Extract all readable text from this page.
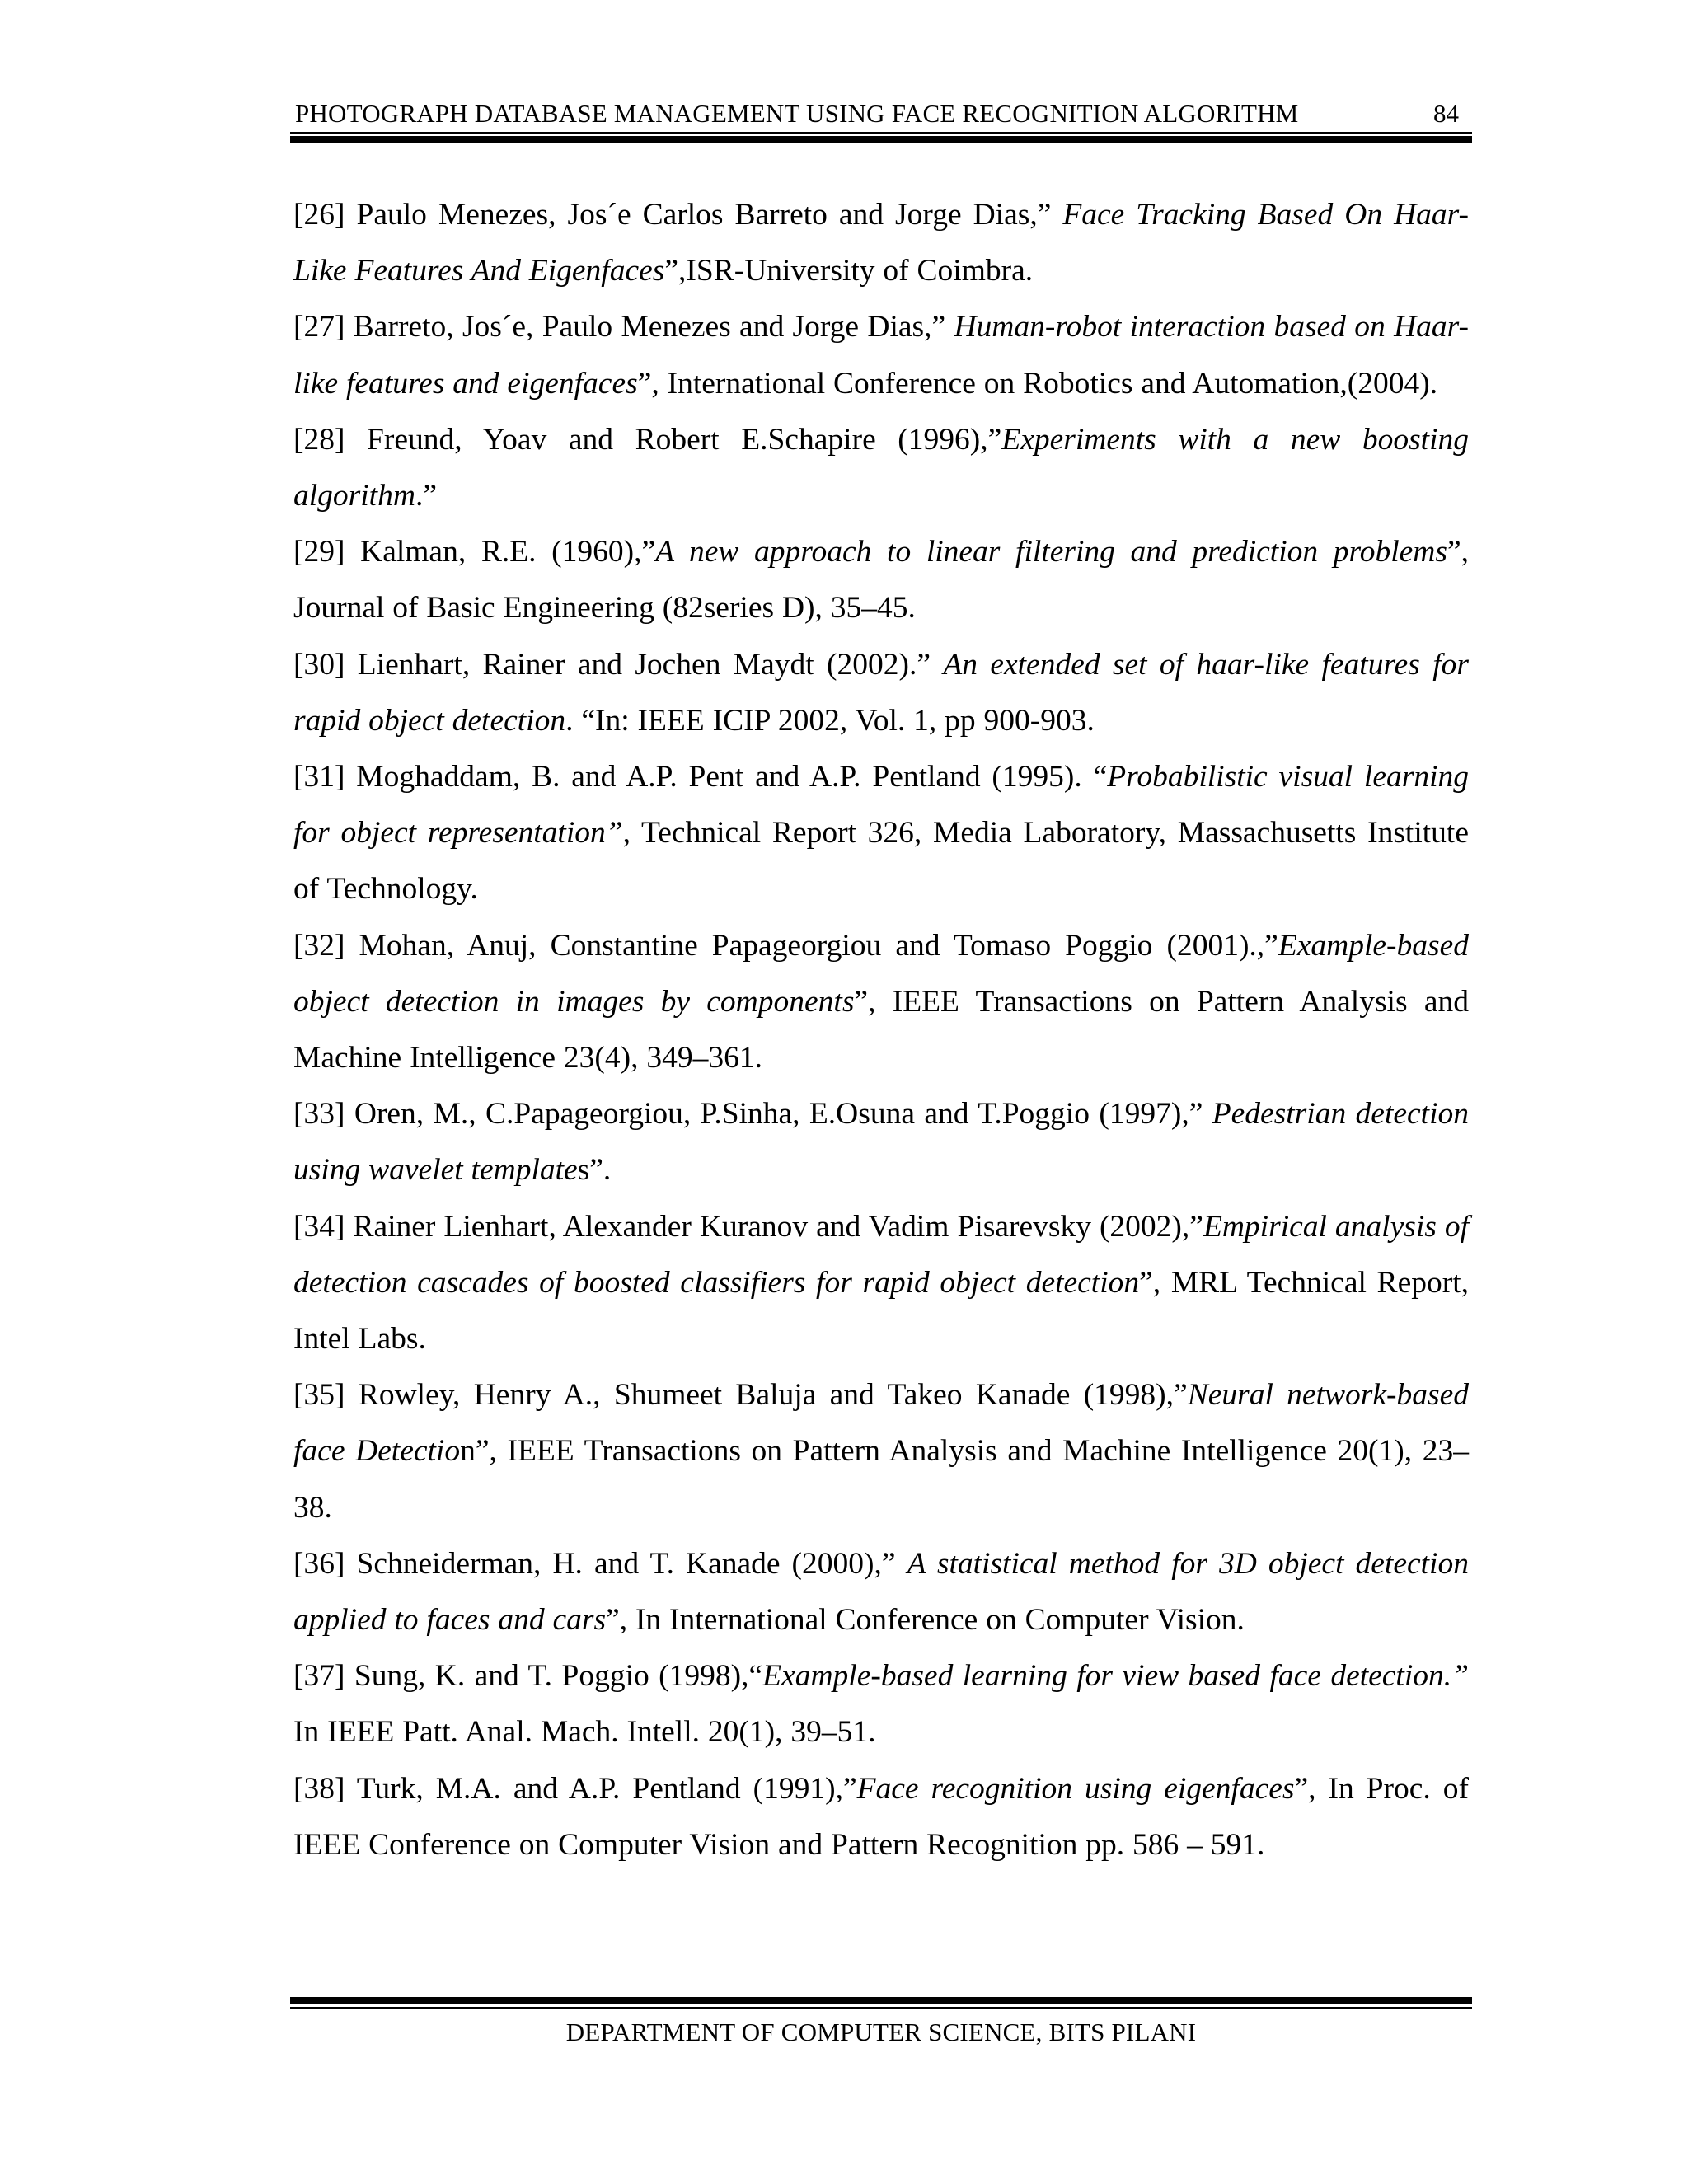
PHOTOGRAPH DATABASE MANAGEMENT USING FACE RECOGNITION ALGORITHM	84

[26] Paulo Menezes, Jos´e Carlos Barreto and Jorge Dias,” Face Tracking Based On Haar-Like Features And Eigenfaces”,ISR-University of Coimbra.

[27] Barreto, Jos´e, Paulo Menezes and Jorge Dias,” Human-robot interaction based on Haar-like features and eigenfaces”, International Conference on Robotics and Automation,(2004).

[28] Freund, Yoav and Robert E.Schapire (1996),”Experiments with a new boosting algorithm.”

[29] Kalman, R.E. (1960),”A new approach to linear filtering and prediction problems”, Journal of Basic Engineering (82series D), 35–45.

[30] Lienhart, Rainer and Jochen Maydt (2002).” An extended set of haar-like features for rapid object detection. “In: IEEE ICIP 2002, Vol. 1, pp 900-903.

[31] Moghaddam, B. and A.P. Pent and A.P. Pentland (1995). “Probabilistic visual learning for object representation”, Technical Report 326, Media Laboratory, Massachusetts Institute of Technology.

[32] Mohan, Anuj, Constantine Papageorgiou and Tomaso Poggio (2001).,”Example-based object detection in images by components”, IEEE Transactions on Pattern Analysis and Machine Intelligence 23(4), 349–361.

[33] Oren, M., C.Papageorgiou, P.Sinha, E.Osuna and T.Poggio (1997),” Pedestrian detection using wavelet templates”.

[34] Rainer Lienhart, Alexander Kuranov and Vadim Pisarevsky (2002),”Empirical analysis of detection cascades of boosted classifiers for rapid object detection”, MRL Technical Report, Intel Labs.

[35] Rowley, Henry A., Shumeet Baluja and Takeo Kanade (1998),”Neural network-based face Detection”, IEEE Transactions on Pattern Analysis and Machine Intelligence 20(1), 23– 38.

[36] Schneiderman, H. and T. Kanade (2000),” A statistical method for 3D object detection applied to faces and cars”, In International Conference on Computer Vision.

[37] Sung, K. and T. Poggio (1998),“Example-based learning for view based face detection.” In IEEE Patt. Anal. Mach. Intell. 20(1), 39–51.

[38] Turk, M.A. and A.P. Pentland (1991),”Face recognition using eigenfaces”, In Proc. of IEEE Conference on Computer Vision and Pattern Recognition pp. 586 – 591.

DEPARTMENT OF COMPUTER SCIENCE, BITS PILANI
